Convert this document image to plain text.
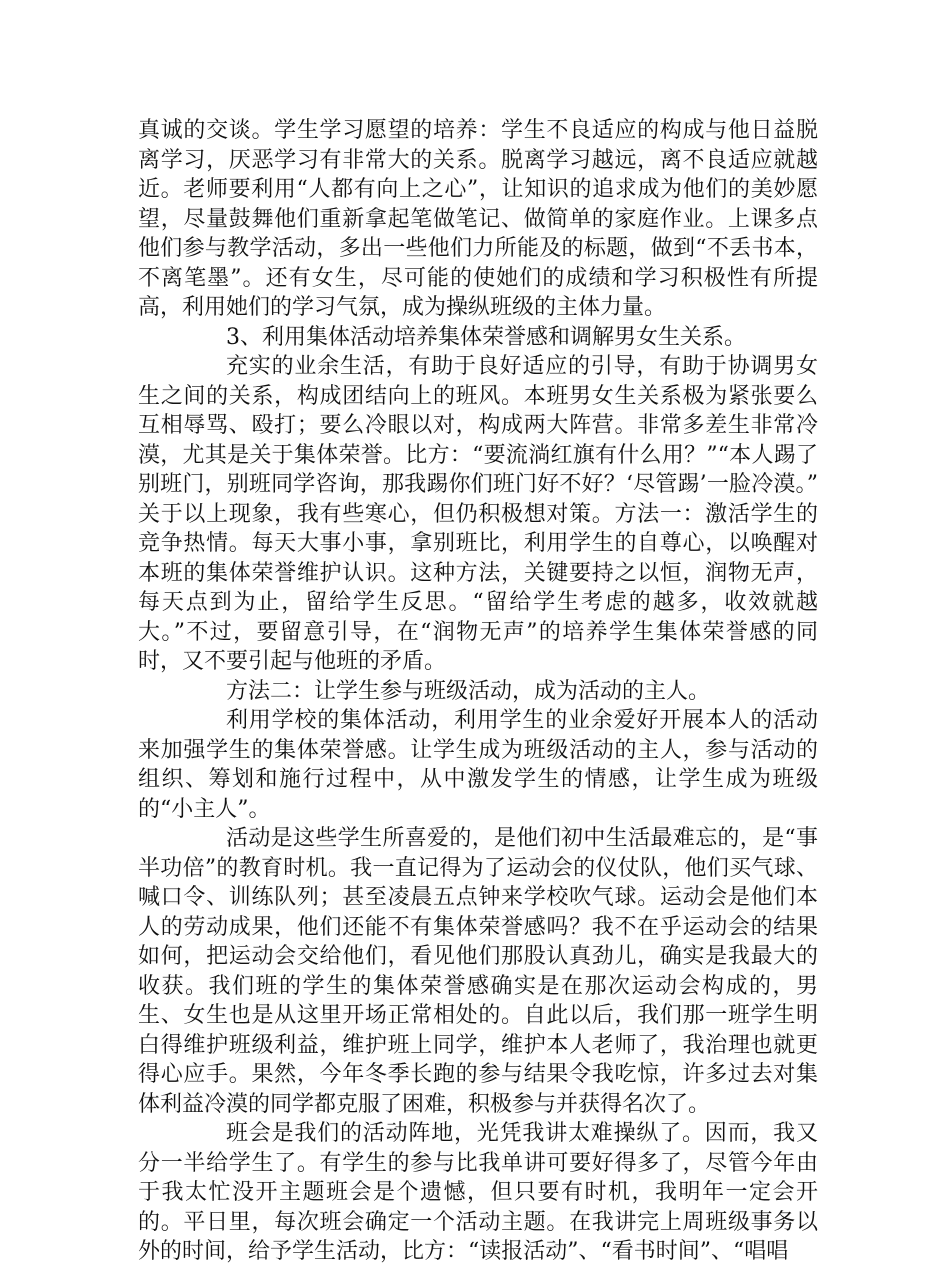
真诚的交谈。学生学习愿望的培养：学生不良适应的构成与他日益脱离学习，厌恶学习有非常大的关系。脱离学习越远，离不良适应就越近。老师要利用“人都有向上之心”，让知识的追求成为他们的美妙愿望，尽量鼓舞他们重新拿起笔做笔记、做简单的家庭作业。上课多点他们参与教学活动，多出一些他们力所能及的标题，做到“不丢书本，不离笔墨”。还有女生，尽可能的使她们的成绩和学习积极性有所提高，利用她们的学习气氛，成为操纵班级的主体力量。

3、利用集体活动培养集体荣誉感和调解男女生关系。

充实的业余生活，有助于良好适应的引导，有助于协调男女生之间的关系，构成团结向上的班风。本班男女生关系极为紧张要么互相辱骂、殴打；要么冷眼以对，构成两大阵营。非常多差生非常冷漠，尤其是关于集体荣誉。比方：“要流淌红旗有什么用？”“本人踢了别班门，别班同学咨询，那我踢你们班门好不好？‘尽管踢’一脸冷漠。” 关于以上现象，我有些寒心，但仍积极想对策。方法一：激活学生的竞争热情。每天大事小事，拿别班比，利用学生的自尊心，以唤醒对本班的集体荣誉维护认识。这种方法，关键要持之以恒，润物无声，每天点到为止，留给学生反思。“留给学生考虑的越多，收效就越大。”不过，要留意引导，在“润物无声”的培养学生集体荣誉感的同时，又不要引起与他班的矛盾。

方法二：让学生参与班级活动，成为活动的主人。

利用学校的集体活动，利用学生的业余爱好开展本人的活动来加强学生的集体荣誉感。让学生成为班级活动的主人，参与活动的组织、筹划和施行过程中，从中激发学生的情感，让学生成为班级的“小主人”。

活动是这些学生所喜爱的，是他们初中生活最难忘的，是“事半功倍”的教育时机。我一直记得为了运动会的仪仗队，他们买气球、喊口令、训练队列；甚至凌晨五点钟来学校吹气球。运动会是他们本人的劳动成果，他们还能不有集体荣誉感吗？我不在乎运动会的结果如何，把运动会交给他们，看见他们那股认真劲儿，确实是我最大的收获。我们班的学生的集体荣誉感确实是在那次运动会构成的，男生、女生也是从这里开场正常相处的。自此以后，我们那一班学生明白得维护班级利益，维护班上同学，维护本人老师了，我治理也就更得心应手。果然，今年冬季长跑的参与结果令我吃惊，许多过去对集体利益冷漠的同学都克服了困难，积极参与并获得名次了。

班会是我们的活动阵地，光凭我讲太难操纵了。因而，我又分一半给学生了。有学生的参与比我单讲可要好得多了，尽管今年由于我太忙没开主题班会是个遗憾，但只要有时机，我明年一定会开的。平日里，每次班会确定一个活动主题。在我讲完上周班级事务以外的时间，给予学生活动，比方：“读报活动”、“看书时间”、“唱唱
